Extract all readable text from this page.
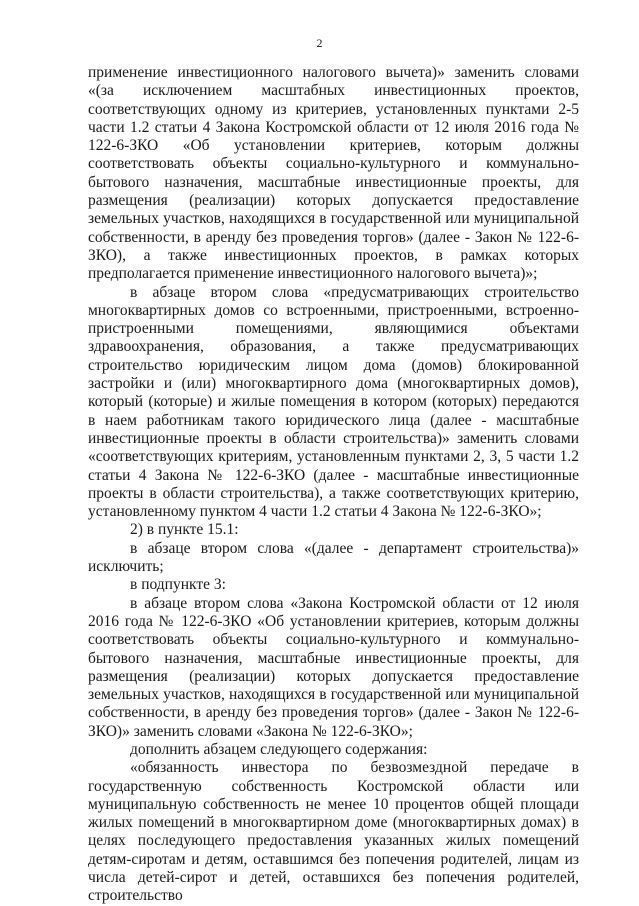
2

применение инвестиционного налогового вычета)» заменить словами «(за исключением масштабных инвестиционных проектов, соответствующих одному из критериев, установленных пунктами 2-5 части 1.2 статьи 4 Закона Костромской области от 12 июля 2016 года № 122-6-ЗКО «Об установлении критериев, которым должны соответствовать объекты социально-культурного и коммунально-бытового назначения, масштабные инвестиционные проекты, для размещения (реализации) которых допускается предоставление земельных участков, находящихся в государственной или муниципальной собственности, в аренду без проведения торгов» (далее - Закон № 122-6-ЗКО), а также инвестиционных проектов, в рамках которых предполагается применение инвестиционного налогового вычета)»;

в абзаце втором слова «предусматривающих строительство многоквартирных домов со встроенными, пристроенными, встроенно-пристроенными помещениями, являющимися объектами здравоохранения, образования, а также предусматривающих строительство юридическим лицом дома (домов) блокированной застройки и (или) многоквартирного дома (многоквартирных домов), который (которые) и жилые помещения в котором (которых) передаются в наем работникам такого юридического лица (далее - масштабные инвестиционные проекты в области строительства)» заменить словами «соответствующих критериям, установленным пунктами 2, 3, 5 части 1.2 статьи 4 Закона № 122-6-ЗКО (далее - масштабные инвестиционные проекты в области строительства), а также соответствующих критерию, установленному пунктом 4 части 1.2 статьи 4 Закона № 122-6-ЗКО»;

2) в пункте 15.1:

в абзаце втором слова «(далее - департамент строительства)» исключить;

в подпункте 3:

в абзаце втором слова «Закона Костромской области от 12 июля 2016 года № 122-6-ЗКО «Об установлении критериев, которым должны соответствовать объекты социально-культурного и коммунально-бытового назначения, масштабные инвестиционные проекты, для размещения (реализации) которых допускается предоставление земельных участков, находящихся в государственной или муниципальной собственности, в аренду без проведения торгов» (далее - Закон № 122-6-ЗКО)» заменить словами «Закона № 122-6-ЗКО»;

дополнить абзацем следующего содержания:

«обязанность инвестора по безвозмездной передаче в государственную собственность Костромской области или муниципальную собственность не менее 10 процентов общей площади жилых помещений в многоквартирном доме (многоквартирных домах) в целях последующего предоставления указанных жилых помещений детям-сиротам и детям, оставшимся без попечения родителей, лицам из числа детей-сирот и детей, оставшихся без попечения родителей, строительство
